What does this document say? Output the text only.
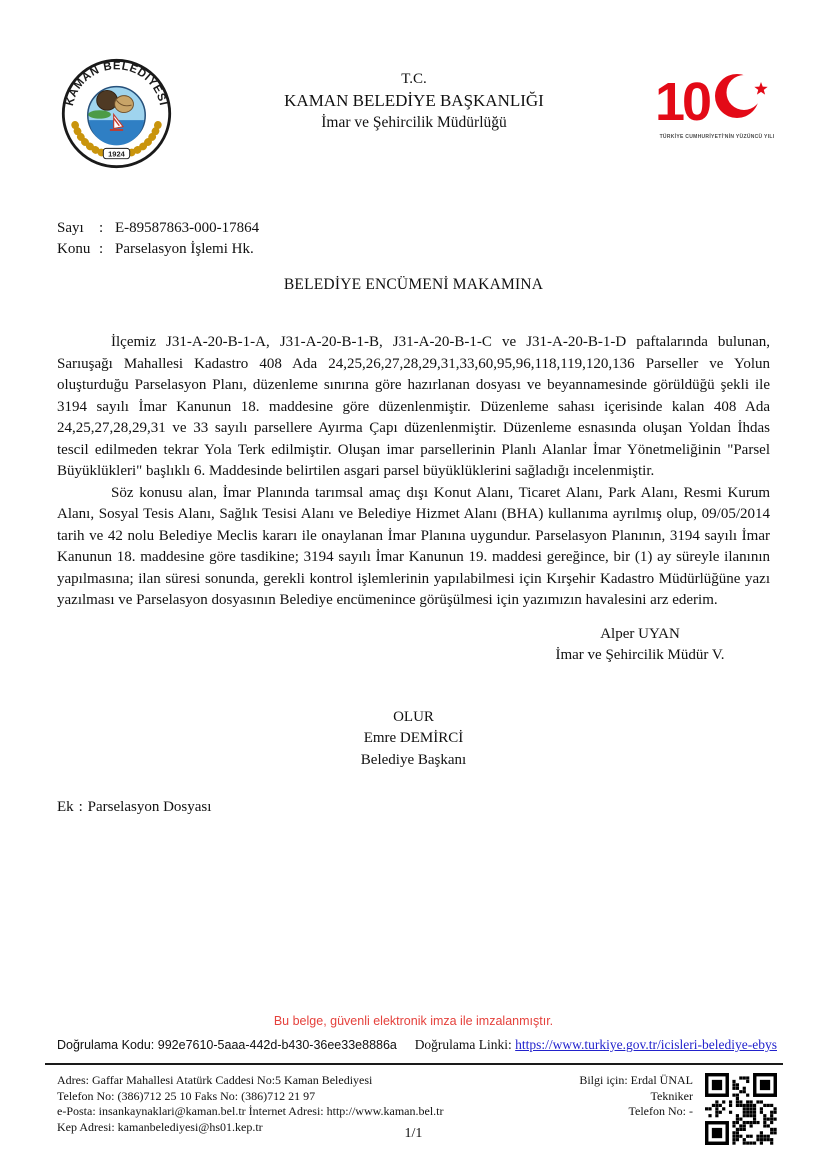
KAMAN BELEDİYESİ
1924
T.C.
KAMAN BELEDİYE BAŞKANLIĞI
İmar ve Şehircilik Müdürlüğü	10
TÜRKİYE CUMHURİYETİ'NİN YÜZÜNCÜ YILI
Sayı	: E-89587863-000-17864
Konu : Parselasyon İşlemi Hk.
BELEDİYE ENCÜMENİ MAKAMINA

İlçemiz J31-A-20-B-1-A, J31-A-20-B-1-B, J31-A-20-B-1-C ve J31-A-20-B-1-D paftalarında bulunan, Sarıuşağı Mahallesi Kadastro 408 Ada 24,25,26,27,28,29,31,33,60,95,96,118,119,120,136 Parseller ve Yolun oluşturduğu Parselasyon Planı, düzenleme sınırına göre hazırlanan dosyası ve beyannamesinde görüldüğü şekli ile 3194 sayılı İmar Kanunun 18. maddesine göre düzenlenmiştir. Düzenleme sahası içerisinde kalan 408 Ada 24,25,27,28,29,31 ve 33 sayılı parsellere Ayırma Çapı düzenlenmiştir. Düzenleme esnasında oluşan Yoldan İhdas tescil edilmeden tekrar Yola Terk edilmiştir. Oluşan imar parsellerinin Planlı Alanlar İmar Yönetmeliğinin "Parsel Büyüklükleri" başlıklı 6. Maddesinde belirtilen asgari parsel büyüklüklerini sağladığı incelenmiştir.

Söz konusu alan, İmar Planında tarımsal amaç dışı Konut Alanı, Ticaret Alanı, Park Alanı, Resmi Kurum Alanı, Sosyal Tesis Alanı, Sağlık Tesisi Alanı ve Belediye Hizmet Alanı (BHA) kullanıma ayrılmış olup, 09/05/2014 tarih ve 42 nolu Belediye Meclis kararı ile onaylanan İmar Planına uygundur. Parselasyon Planının, 3194 sayılı İmar Kanunun 18. maddesine göre tasdikine; 3194 sayılı İmar Kanunun 19. maddesi gereğince, bir (1) ay süreyle ilanının yapılmasına; ilan süresi sonunda, gerekli kontrol işlemlerinin yapılabilmesi için Kırşehir Kadastro Müdürlüğüne yazı yazılması ve Parselasyon dosyasının Belediye encümenince görüşülmesi için yazımızın havalesini arz ederim.

Alper UYAN
İmar ve Şehircilik Müdür V.
OLUR
Emre DEMİRCİ
Belediye Başkanı
Ek : Parselasyon Dosyası
Bu belge, güvenli elektronik imza ile imzalanmıştır.
Doğrulama Kodu: 992e7610-5aaa-442d-b430-36ee33e8886a Doğrulama Linki: https://www.turkiye.gov.tr/icisleri-belediye-ebys
Adres: Gaffar Mahallesi Atatürk Caddesi No:5 Kaman Belediyesi
Telefon No: (386)712 25 10 Faks No: (386)712 21 97
e-Posta: insankaynaklari@kaman.bel.tr İnternet Adresi: http://www.kaman.bel.tr
Kep Adresi: kamanbelediyesi@hs01.kep.tr
Bilgi için: Erdal ÜNAL
Tekniker
Telefon No: -
1/1
